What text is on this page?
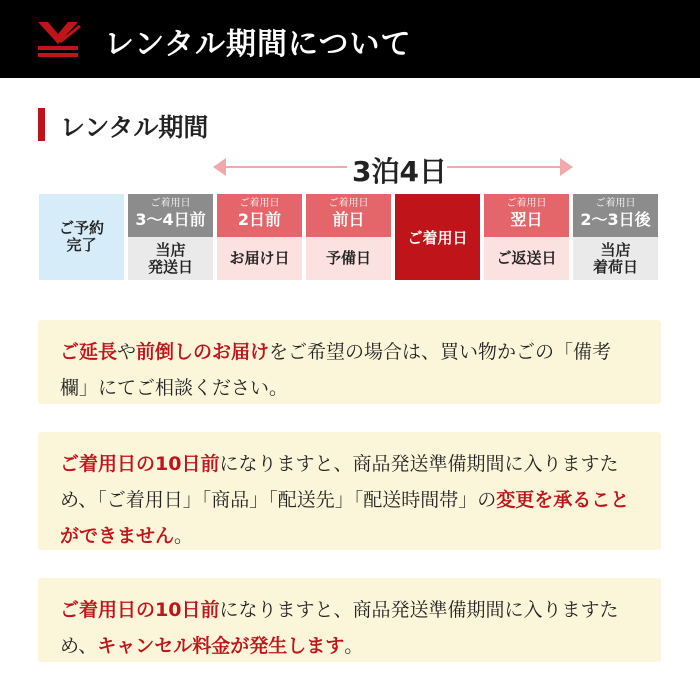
レンタル期間について
レンタル期間
3泊4日
ご予約
完了
ご着用日
3～4日前
当店
発送日
ご着用日
2日前
お届け日
ご着用日
前日
予備日
ご着用日
ご着用日
翌日
ご返送日
ご着用日
2～3日後
当店
着荷日
ご延長や前倒しのお届けをご希望の場合は、買い物かごの「備考欄」にてご相談ください。
ご着用日の10日前になりますと、商品発送準備期間に入りますため、「ご着用日」「商品」「配送先」「配送時間帯」の変更を承ることができません。
ご着用日の10日前になりますと、商品発送準備期間に入りますため、キャンセル料金が発生します。
